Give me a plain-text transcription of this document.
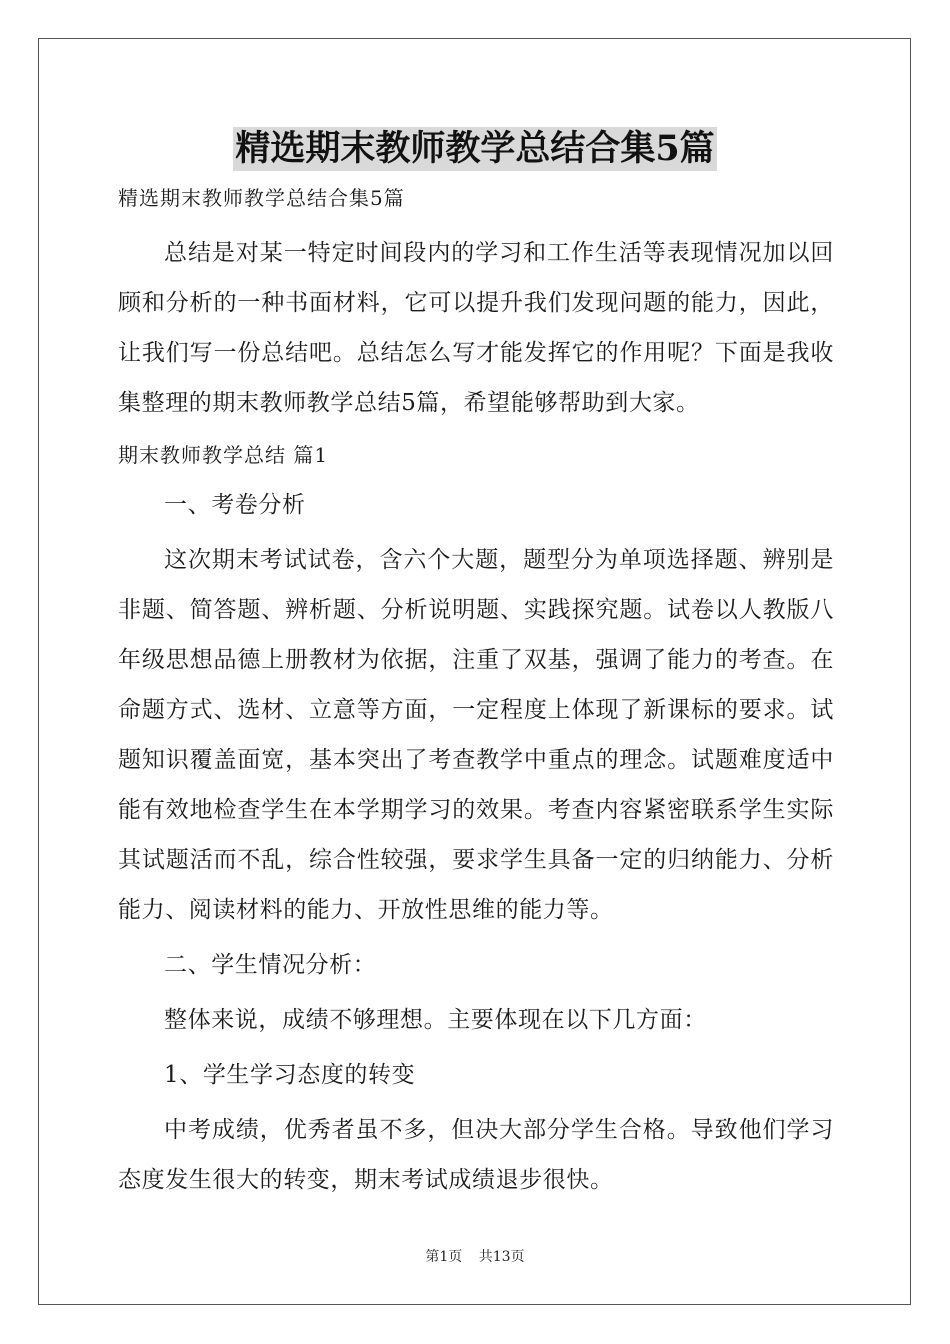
精选期末教师教学总结合集5篇
精选期末教师教学总结合集5篇

总结是对某一特定时间段内的学习和工作生活等表现情况加以回顾和分析的一种书面材料，它可以提升我们发现问题的能力，因此，让我们写一份总结吧。总结怎么写才能发挥它的作用呢？下面是我收集整理的期末教师教学总结5篇，希望能够帮助到大家。

期末教师教学总结 篇1

一、考卷分析

这次期末考试试卷，含六个大题，题型分为单项选择题、辨别是非题、简答题、辨析题、分析说明题、实践探究题。试卷以人教版八年级思想品德上册教材为依据，注重了双基，强调了能力的考查。在命题方式、选材、立意等方面，一定程度上体现了新课标的要求。试题知识覆盖面宽，基本突出了考查教学中重点的理念。试题难度适中能有效地检查学生在本学期学习的效果。考查内容紧密联系学生实际其试题活而不乱，综合性较强，要求学生具备一定的归纳能力、分析能力、阅读材料的能力、开放性思维的能力等。

二、学生情况分析：

整体来说，成绩不够理想。主要体现在以下几方面：

1、学生学习态度的转变

中考成绩，优秀者虽不多，但决大部分学生合格。导致他们学习态度发生很大的转变，期末考试成绩退步很快。

第1页 共13页
